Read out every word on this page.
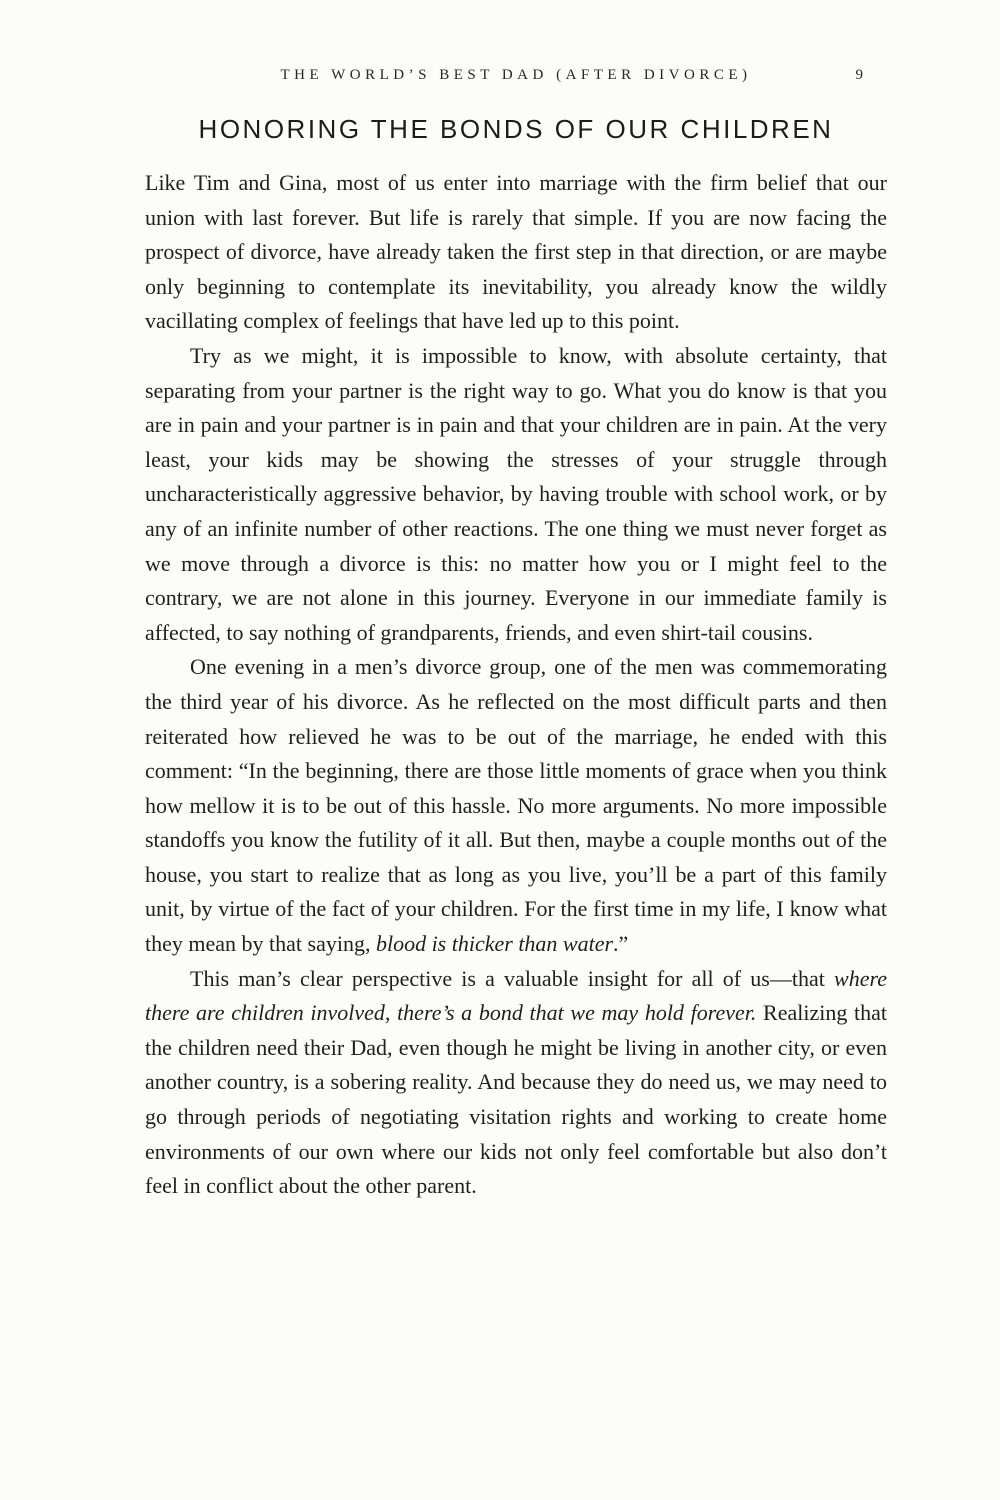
THE WORLD’S BEST DAD (AFTER DIVORCE)	9
HONORING THE BONDS OF OUR CHILDREN

Like Tim and Gina, most of us enter into marriage with the firm belief that our union with last forever. But life is rarely that simple. If you are now facing the prospect of divorce, have already taken the first step in that direction, or are maybe only beginning to contemplate its inevitability, you already know the wildly vacillating complex of feelings that have led up to this point.

Try as we might, it is impossible to know, with absolute certainty, that separating from your partner is the right way to go. What you do know is that you are in pain and your partner is in pain and that your children are in pain. At the very least, your kids may be showing the stresses of your struggle through uncharacteristically aggressive behavior, by having trouble with school work, or by any of an infinite number of other reactions. The one thing we must never forget as we move through a divorce is this: no matter how you or I might feel to the contrary, we are not alone in this journey. Everyone in our immediate family is affected, to say nothing of grandparents, friends, and even shirt-tail cousins.

One evening in a men’s divorce group, one of the men was commemorating the third year of his divorce. As he reflected on the most difficult parts and then reiterated how relieved he was to be out of the marriage, he ended with this comment: “In the beginning, there are those little moments of grace when you think how mellow it is to be out of this hassle. No more arguments. No more impossible standoffs you know the futility of it all. But then, maybe a couple months out of the house, you start to realize that as long as you live, you’ll be a part of this family unit, by virtue of the fact of your children. For the first time in my life, I know what they mean by that saying, blood is thicker than water.”

This man’s clear perspective is a valuable insight for all of us—that where there are children involved, there’s a bond that we may hold forever. Realizing that the children need their Dad, even though he might be living in another city, or even another country, is a sobering reality. And because they do need us, we may need to go through periods of negotiating visitation rights and working to create home environments of our own where our kids not only feel comfortable but also don’t feel in conflict about the other parent.
